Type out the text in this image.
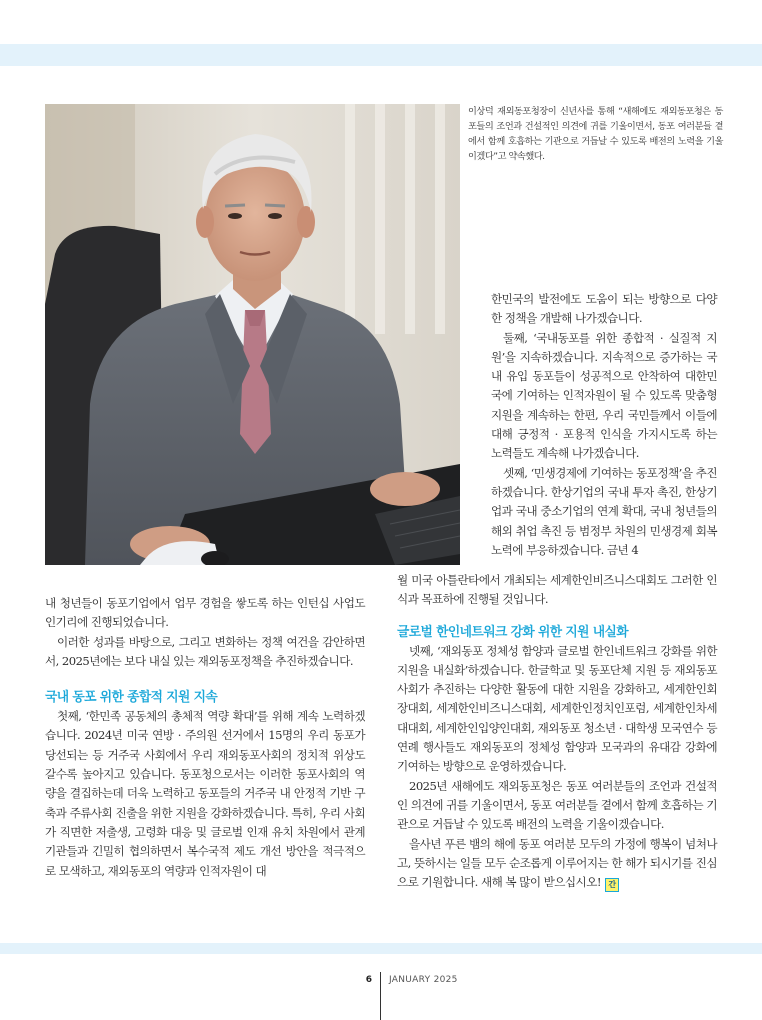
이상덕 재외동포청장이 신년사를 통해 “새해에도 재외동포청은 동포들의 조언과 건설적인 의견에 귀를 기울이면서, 동포 여러분들 곁에서 함께 호흡하는 기관으로 거듭날 수 있도록 배전의 노력을 기울이겠다”고 약속했다.

한민국의 발전에도 도움이 되는 방향으로 다양한 정책을 개발해 나가겠습니다.

둘째, ‘국내동포를 위한 종합적 · 실질적 지원’을 지속하겠습니다. 지속적으로 증가하는 국내 유입 동포들이 성공적으로 안착하여 대한민국에 기여하는 인적자원이 될 수 있도록 맞춤형 지원을 계속하는 한편, 우리 국민들께서 이들에 대해 긍정적 · 포용적 인식을 가지시도록 하는 노력들도 계속해 나가겠습니다.

셋째, ‘민생경제에 기여하는 동포정책’을 추진하겠습니다. 한상기업의 국내 투자 촉진, 한상기업과 국내 중소기업의 연계 확대, 국내 청년들의 해외 취업 촉진 등 범정부 차원의 민생경제 회복 노력에 부응하겠습니다. 금년 4

내 청년들이 동포기업에서 업무 경험을 쌓도록 하는 인턴십 사업도 인기리에 진행되었습니다.

이러한 성과를 바탕으로, 그리고 변화하는 정책 여건을 감안하면서, 2025년에는 보다 내실 있는 재외동포정책을 추진하겠습니다.

국내 동포 위한 종합적 지원 지속

첫째, ‘한민족 공동체의 총체적 역량 확대’를 위해 계속 노력하겠습니다. 2024년 미국 연방 · 주의원 선거에서 15명의 우리 동포가 당선되는 등 거주국 사회에서 우리 재외동포사회의 정치적 위상도 갈수록 높아지고 있습니다. 동포청으로서는 이러한 동포사회의 역량을 결집하는데 더욱 노력하고 동포들의 거주국 내 안정적 기반 구축과 주류사회 진출을 위한 지원을 강화하겠습니다. 특히, 우리 사회가 직면한 저출생, 고령화 대응 및 글로벌 인재 유치 차원에서 관계기관들과 긴밀히 협의하면서 복수국적 제도 개선 방안을 적극적으로 모색하고, 재외동포의 역량과 인적자원이 대

월 미국 아틀란타에서 개최되는 세계한인비즈니스대회도 그러한 인식과 목표하에 진행될 것입니다.

글로벌 한인네트워크 강화 위한 지원 내실화

넷째, ‘재외동포 정체성 함양과 글로벌 한인네트워크 강화를 위한 지원을 내실화’하겠습니다. 한글학교 및 동포단체 지원 등 재외동포사회가 추진하는 다양한 활동에 대한 지원을 강화하고, 세계한인회장대회, 세계한인비즈니스대회, 세계한인정치인포럼, 세계한인차세대대회, 세계한인입양인대회, 재외동포 청소년 · 대학생 모국연수 등 연례 행사들도 재외동포의 정체성 함양과 모국과의 유대감 강화에 기여하는 방향으로 운영하겠습니다.

2025년 새해에도 재외동포청은 동포 여러분들의 조언과 건설적인 의견에 귀를 기울이면서, 동포 여러분들 곁에서 함께 호흡하는 기관으로 거듭날 수 있도록 배전의 노력을 기울이겠습니다.

을사년 푸른 뱀의 해에 동포 여러분 모두의 가정에 행복이 넘쳐나고, 뜻하시는 일들 모두 순조롭게 이루어지는 한 해가 되시기를 진심으로 기원합니다. 새해 복 많이 받으십시오! 간

6 JANUARY 2025
